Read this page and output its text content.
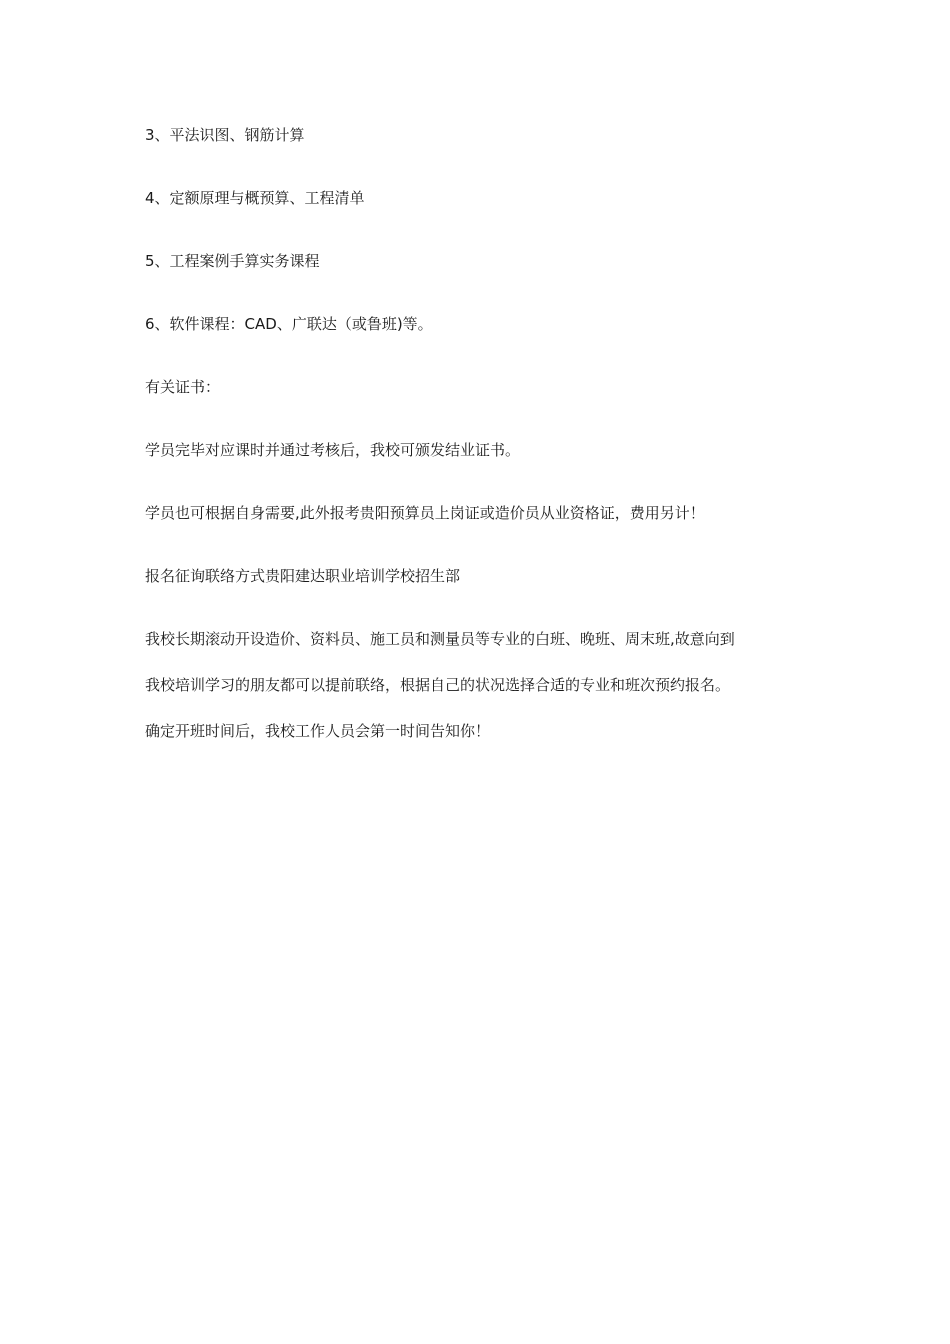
3、平法识图、钢筋计算

4、定额原理与概预算、工程清单

5、工程案例手算实务课程

6、软件课程：CAD、广联达（或鲁班)等。

有关证书：

学员完毕对应课时并通过考核后，我校可颁发结业证书。

学员也可根据自身需要,此外报考贵阳预算员上岗证或造价员从业资格证，费用另计！

报名征询联络方式贵阳建达职业培训学校招生部

我校长期滚动开设造价、资料员、施工员和测量员等专业的白班、晚班、周末班,故意向到

我校培训学习的朋友都可以提前联络，根据自己的状况选择合适的专业和班次预约报名。

确定开班时间后，我校工作人员会第一时间告知你！
